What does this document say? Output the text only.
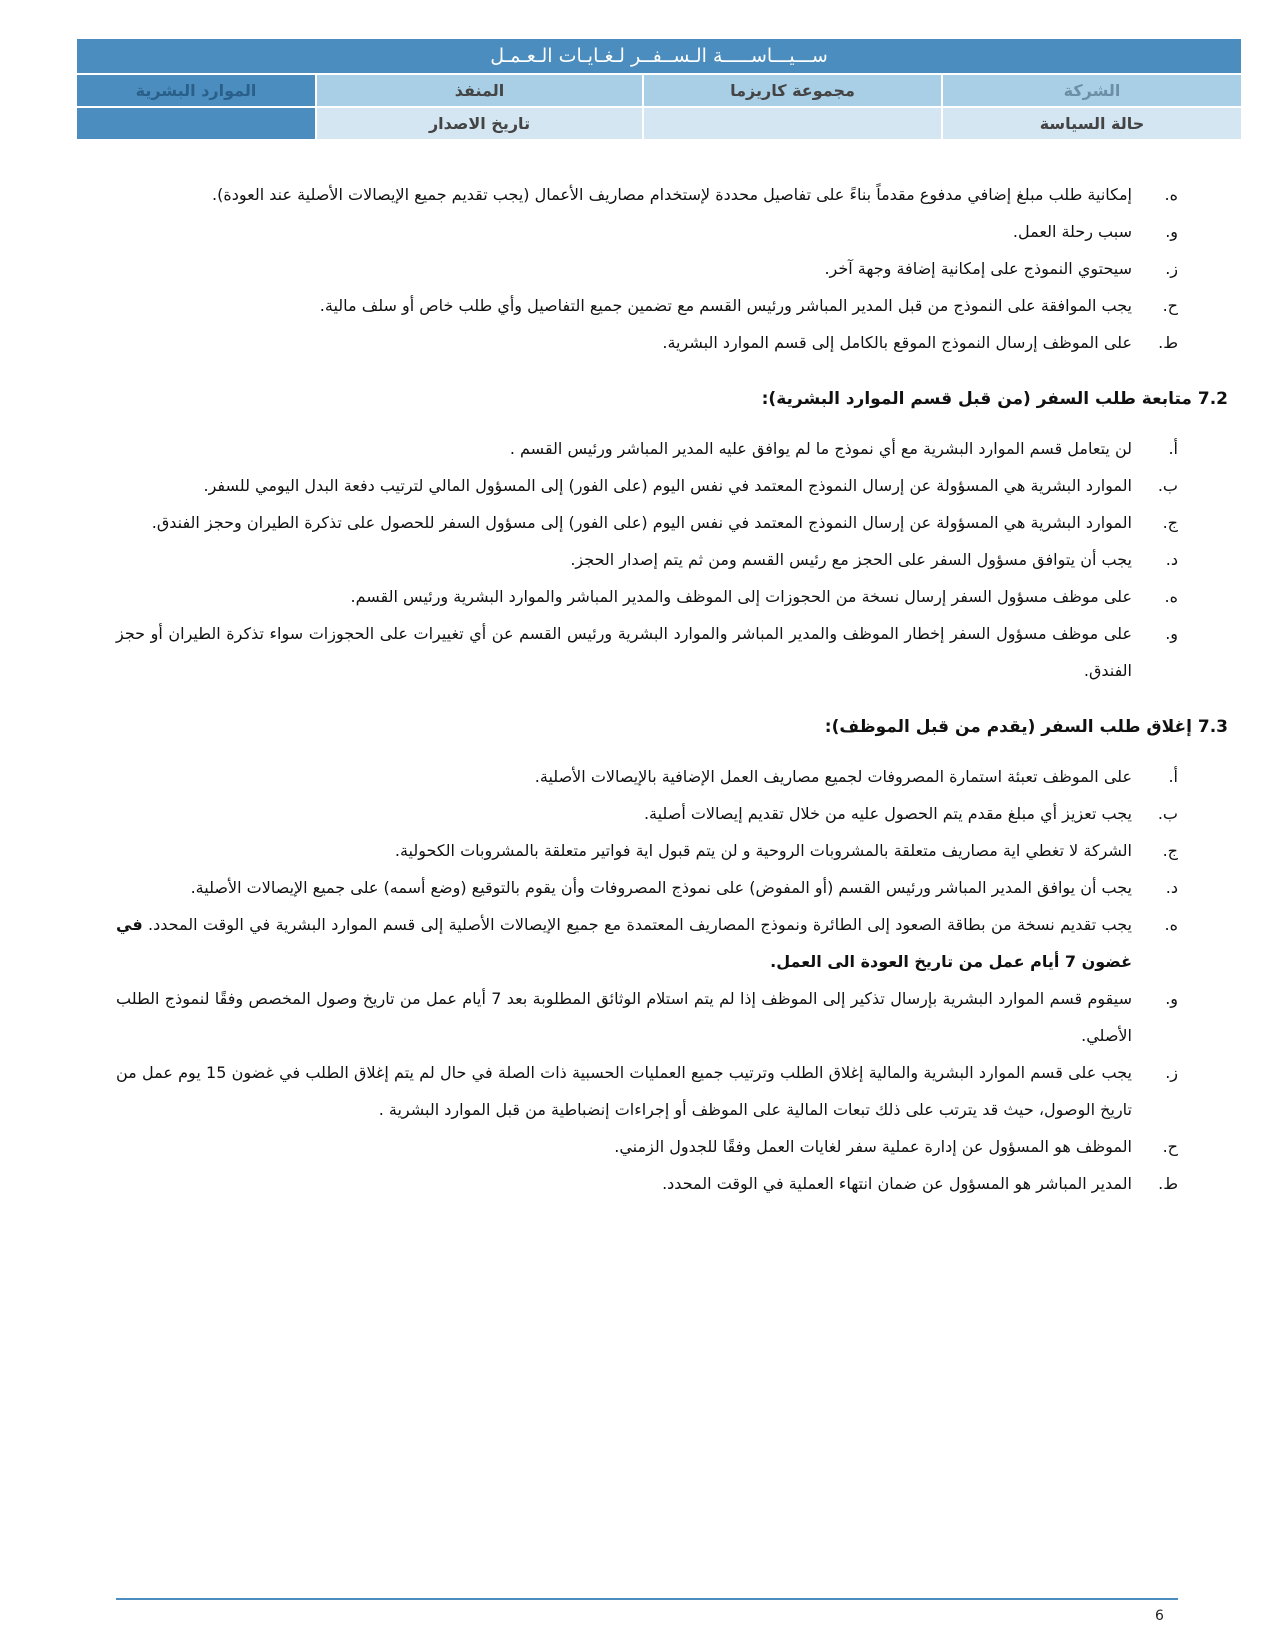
ســـيـــاســـــة الـســفــر لـغـايـات الـعـمـل
الشركة
مجموعة كاريزما
المنفذ
الموارد البشرية
حالة السياسة
تاريخ الاصدار
ه.
إمكانية طلب مبلغ إضافي مدفوع مقدماً بناءً على تفاصيل محددة لإستخدام مصاريف الأعمال (يجب تقديم جميع الإيصالات الأصلية عند العودة).
و.
سبب رحلة العمل.
ز.
سيحتوي النموذج على إمكانية إضافة وجهة آخر.
ح.
يجب الموافقة على النموذج من قبل المدير المباشر ورئيس القسم مع تضمين جميع التفاصيل وأي طلب خاص أو سلف مالية.
ط.
على الموظف إرسال النموذج الموقع بالكامل إلى قسم الموارد البشرية.
7.2 متابعة طلب السفر (من قبل قسم الموارد البشرية):
أ.
لن يتعامل قسم الموارد البشرية مع أي نموذج ما لم يوافق عليه المدير المباشر ورئيس القسم .
ب.
الموارد البشرية هي المسؤولة عن إرسال النموذج المعتمد في نفس اليوم (على الفور) إلى المسؤول المالي لترتيب دفعة البدل اليومي للسفر.
ج.
الموارد البشرية هي المسؤولة عن إرسال النموذج المعتمد في نفس اليوم (على الفور) إلى مسؤول السفر للحصول على تذكرة الطيران وحجز الفندق.
د.
يجب أن يتوافق مسؤول السفر على الحجز مع رئيس القسم ومن ثم يتم إصدار الحجز.
ه.
على موظف مسؤول السفر إرسال نسخة من الحجوزات إلى الموظف والمدير المباشر والموارد البشرية ورئيس القسم.
و.
على موظف مسؤول السفر إخطار الموظف والمدير المباشر والموارد البشرية ورئيس القسم عن أي تغييرات على الحجوزات سواء تذكرة الطيران أو حجز الفندق.
7.3 إغلاق طلب السفر (يقدم من قبل الموظف):
أ.
على الموظف تعبئة استمارة المصروفات لجميع مصاريف العمل الإضافية بالإيصالات الأصلية.
ب.
يجب تعزيز أي مبلغ مقدم يتم الحصول عليه من خلال تقديم إيصالات أصلية.
ج.
الشركة لا تغطي اية مصاريف متعلقة بالمشروبات الروحية و لن يتم قبول اية فواتير متعلقة بالمشروبات الكحولية.
د.
يجب أن يوافق المدير المباشر ورئيس القسم (أو المفوض) على نموذج المصروفات وأن يقوم بالتوقيع (وضع أسمه) على جميع الإيصالات الأصلية.
ه.
يجب تقديم نسخة من بطاقة الصعود إلى الطائرة ونموذج المصاريف المعتمدة مع جميع الإيصالات الأصلية إلى قسم الموارد البشرية في الوقت المحدد. في غضون 7 أيام عمل من تاريخ العودة الى العمل.
و.
سيقوم قسم الموارد البشرية بإرسال تذكير إلى الموظف إذا لم يتم استلام الوثائق المطلوبة بعد 7 أيام عمل من تاريخ وصول المخصص وفقًا لنموذج الطلب الأصلي.
ز.
يجب على قسم الموارد البشرية والمالية إغلاق الطلب وترتيب جميع العمليات الحسبية ذات الصلة في حال لم يتم إغلاق الطلب في غضون 15 يوم عمل من تاريخ الوصول، حيث قد يترتب على ذلك تبعات المالية على الموظف أو إجراءات إنضباطية من قبل الموارد البشرية .
ح.
الموظف هو المسؤول عن إدارة عملية سفر لغايات العمل وفقًا للجدول الزمني.
ط.
المدير المباشر هو المسؤول عن ضمان انتهاء العملية في الوقت المحدد.
6
